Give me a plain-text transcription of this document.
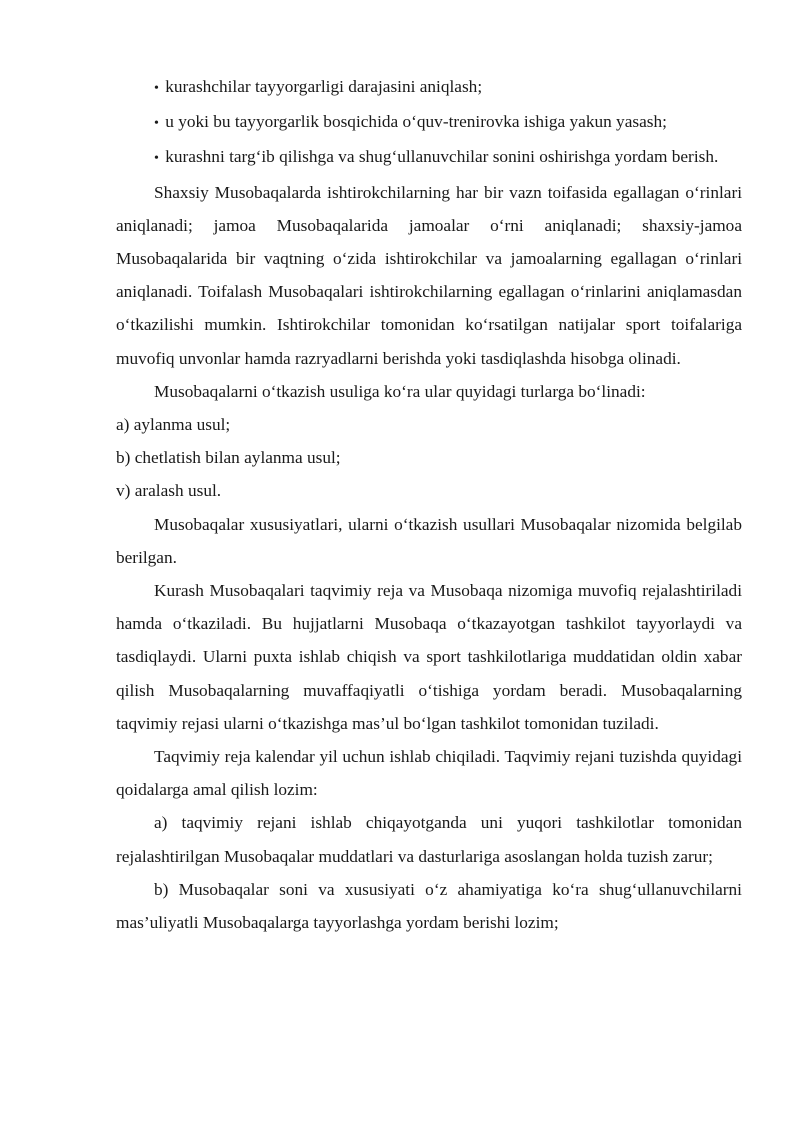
• kurashchilar tayyorgarligi darajasini aniqlash;

• u yoki bu tayyorgarlik bosqichida o‘quv-trenirovka ishiga yakun yasash;

• kurashni targ‘ib qilishga va shug‘ullanuvchilar sonini oshirishga yordam berish.

Shaxsiy Musobaqalarda ishtirokchilarning har bir vazn toifasida egallagan o‘rinlari aniqlanadi; jamoa Musobaqalarida jamoalar o‘rni aniqlanadi; shaxsiy-jamoa Musobaqalarida bir vaqtning o‘zida ishtirokchilar va jamoalarning egallagan o‘rinlari aniqlanadi. Toifalash Musobaqalari ishtirokchilarning egallagan o‘rinlarini aniqlamasdan o‘tkazilishi mumkin. Ishtirokchilar tomonidan ko‘rsatilgan natijalar sport toifalariga muvofiq unvonlar hamda razryadlarni berishda yoki tasdiqlashda hisobga olinadi.

Musobaqalarni o‘tkazish usuliga ko‘ra ular quyidagi turlarga bo‘linadi:

a) aylanma usul;

b) chetlatish bilan aylanma usul;

v) aralash usul.

Musobaqalar xususiyatlari, ularni o‘tkazish usullari Musobaqalar nizomida belgilab berilgan.

Kurash Musobaqalari taqvimiy reja va Musobaqa nizomiga muvofiq rejalashtiriladi hamda o‘tkaziladi. Bu hujjatlarni Musobaqa o‘tkazayotgan tashkilot tayyorlaydi va tasdiqlaydi. Ularni puxta ishlab chiqish va sport tashkilotlariga muddatidan oldin xabar qilish Musobaqalarning muvaffaqiyatli o‘tishiga yordam beradi. Musobaqalarning taqvimiy rejasi ularni o‘tkazishga mas’ul bo‘lgan tashkilot tomonidan tuziladi.

Taqvimiy reja kalendar yil uchun ishlab chiqiladi. Taqvimiy rejani tuzishda quyidagi qoidalarga amal qilish lozim:

a) taqvimiy rejani ishlab chiqayotganda uni yuqori tashkilotlar tomonidan rejalashtirilgan Musobaqalar muddatlari va dasturlariga asoslangan holda tuzish zarur;

b) Musobaqalar soni va xususiyati o‘z ahamiyatiga ko‘ra shug‘ullanuvchilarni mas’uliyatli Musobaqalarga tayyorlashga yordam berishi lozim;
